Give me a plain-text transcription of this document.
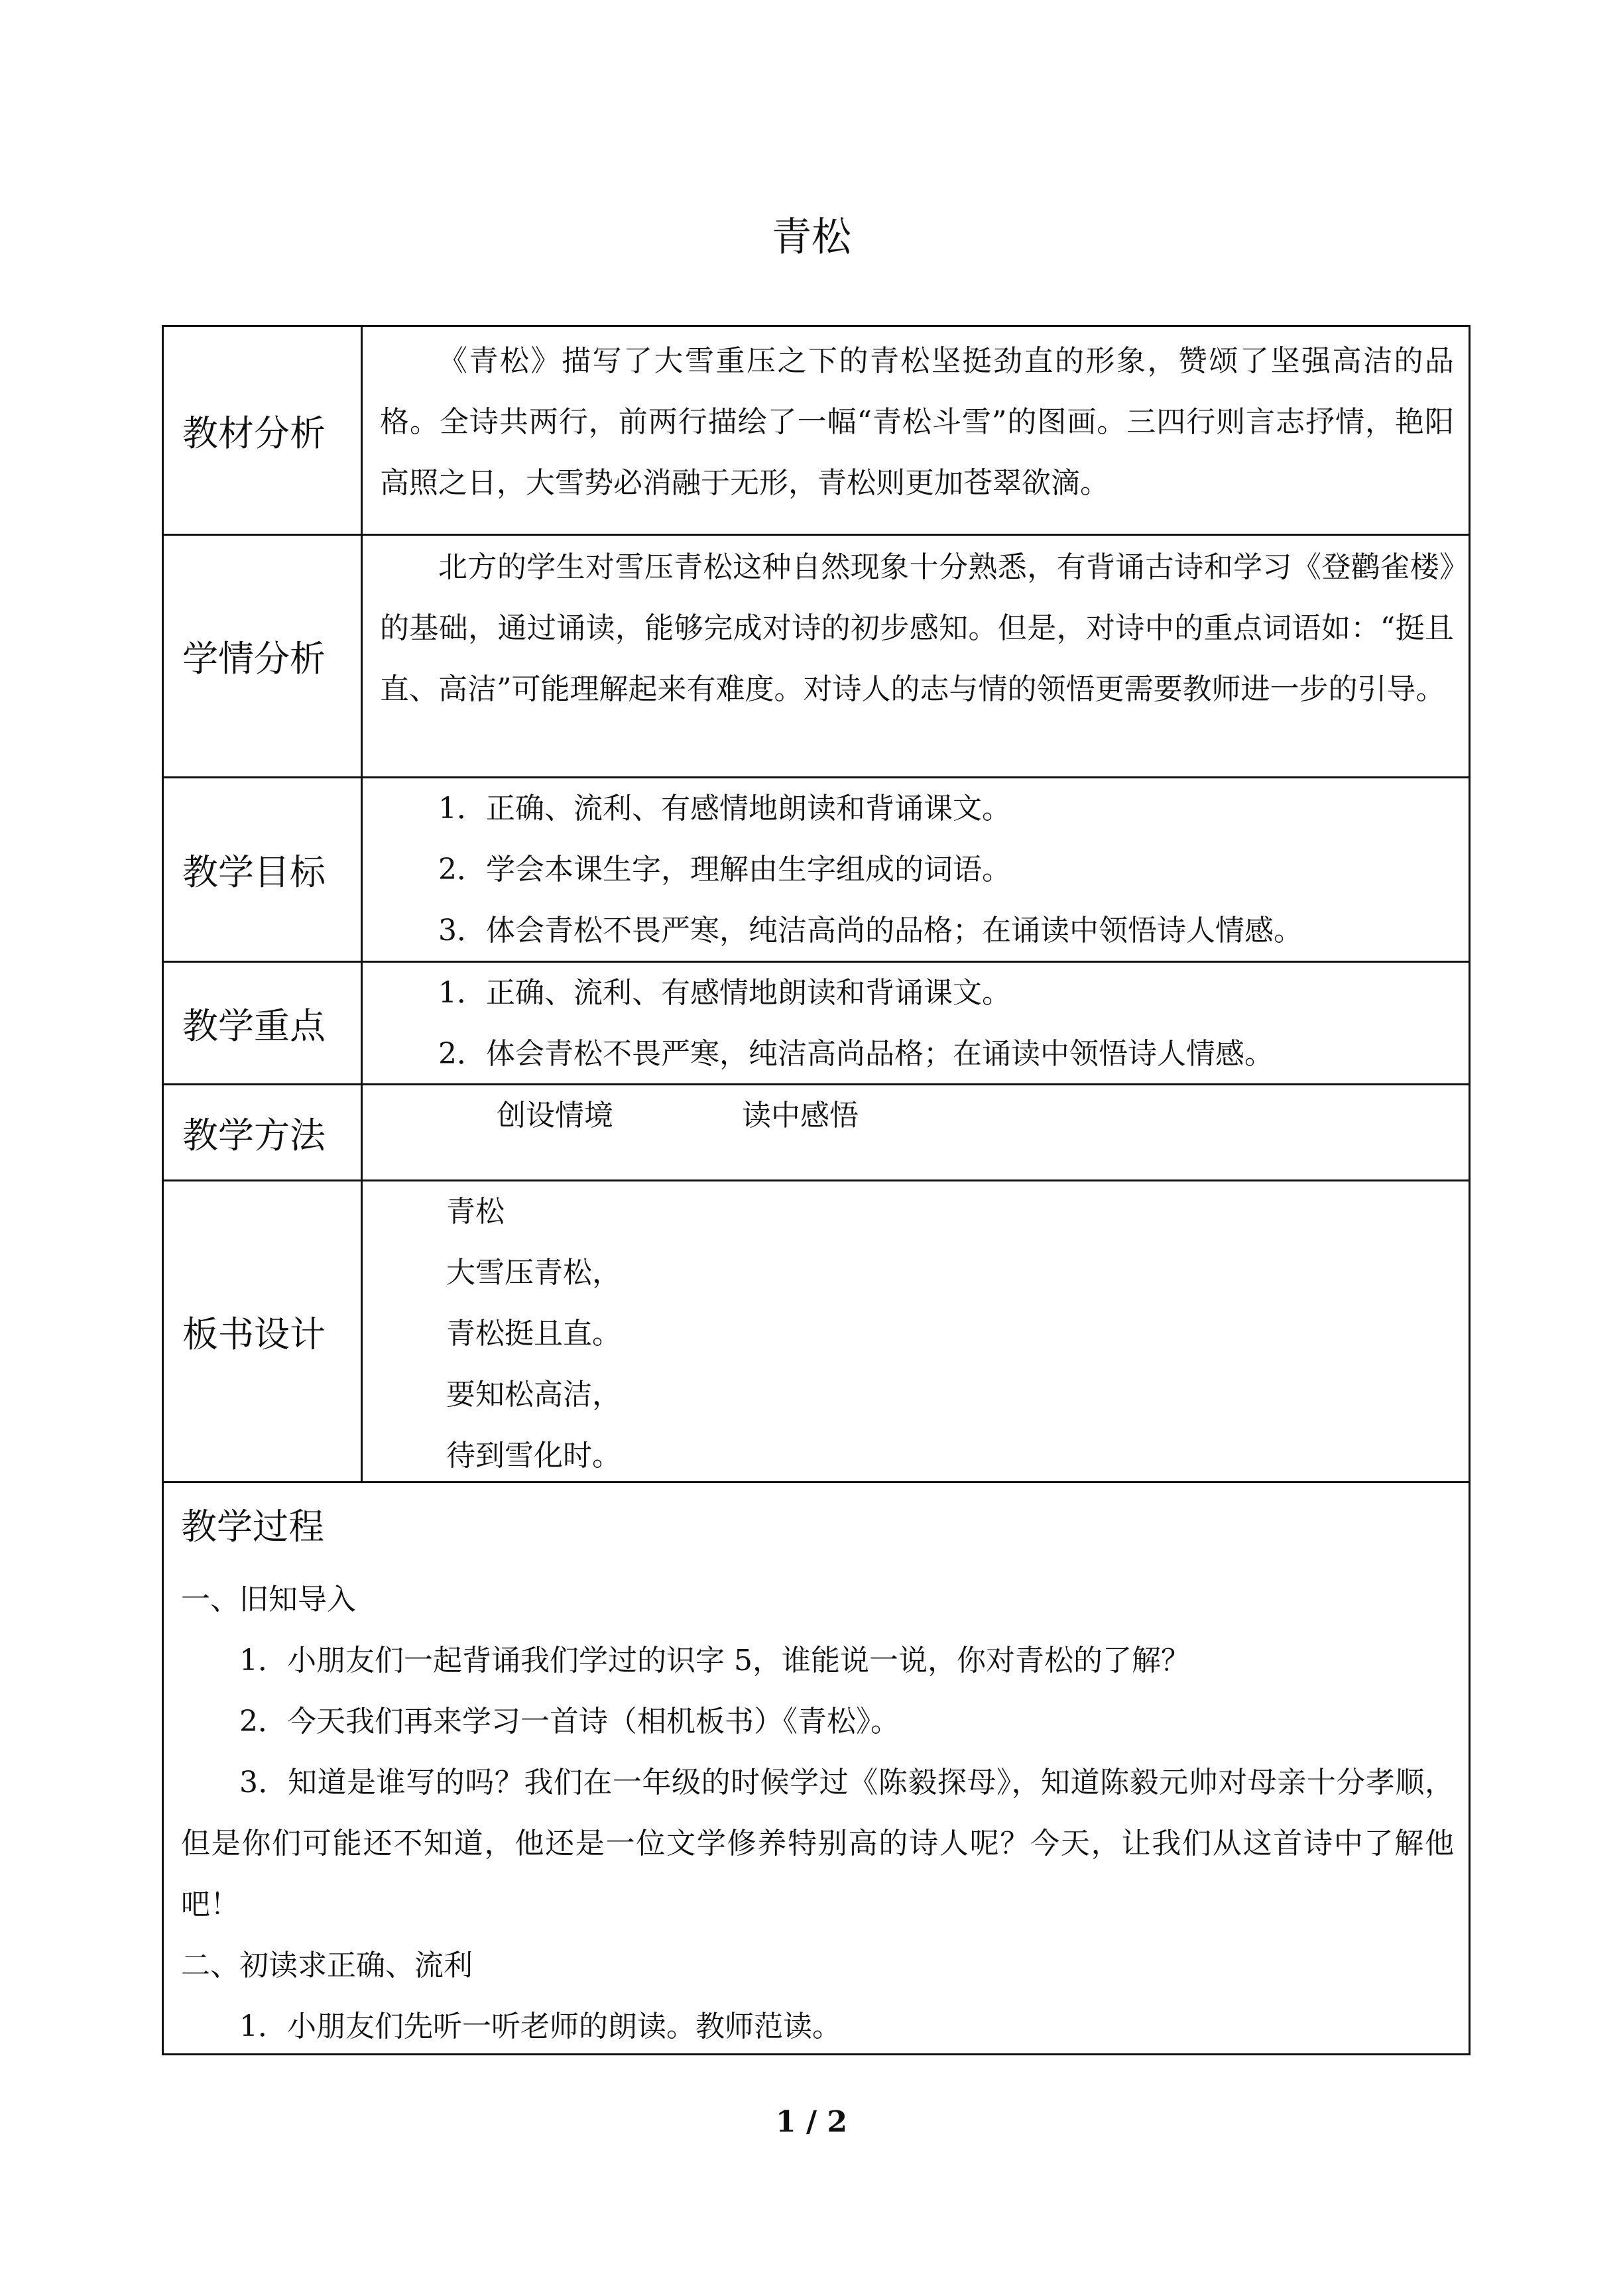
青松
教材分析

《青松》描写了大雪重压之下的青松坚挺劲直的形象，赞颂了坚强高洁的品格。全诗共两行，前两行描绘了一幅“青松斗雪”的图画。三四行则言志抒情，艳阳高照之日，大雪势必消融于无形，青松则更加苍翠欲滴。

学情分析

北方的学生对雪压青松这种自然现象十分熟悉，有背诵古诗和学习《登鹳雀楼》的基础，通过诵读，能够完成对诗的初步感知。但是，对诗中的重点词语如：“挺且直、高洁”可能理解起来有难度。对诗人的志与情的领悟更需要教师进一步的引导。

教学目标

1．正确、流利、有感情地朗读和背诵课文。

2．学会本课生字，理解由生字组成的词语。

3．体会青松不畏严寒，纯洁高尚的品格；在诵读中领悟诗人情感。

教学重点

1．正确、流利、有感情地朗读和背诵课文。

2．体会青松不畏严寒，纯洁高尚品格；在诵读中领悟诗人情感。

教学方法	创设情境	读中感悟

板书设计

青松

大雪压青松，

青松挺且直。

要知松高洁，

待到雪化时。

教学过程

一、旧知导入

1．小朋友们一起背诵我们学过的识字 5，谁能说一说，你对青松的了解？

2．今天我们再来学习一首诗（相机板书）《青松》。

3．知道是谁写的吗？我们在一年级的时候学过《陈毅探母》，知道陈毅元帅对母亲十分孝顺，但是你们可能还不知道，他还是一位文学修养特别高的诗人呢？今天，让我们从这首诗中了解他吧！

二、初读求正确、流利

1．小朋友们先听一听老师的朗读。教师范读。

1 / 2
